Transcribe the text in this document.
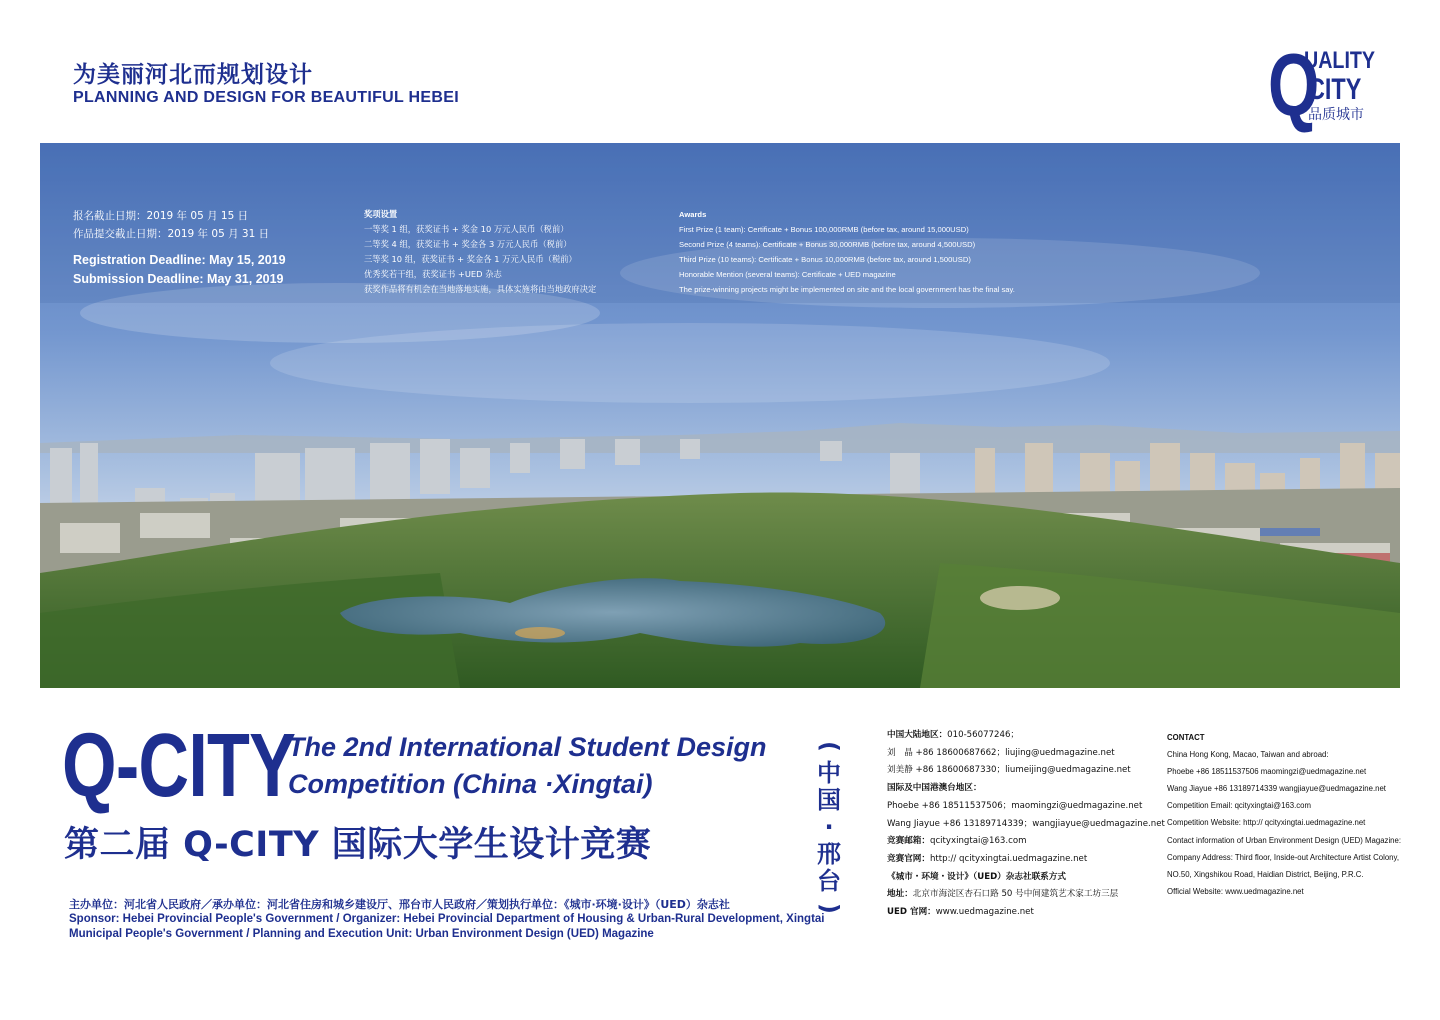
为美丽河北而规划设计
PLANNING AND DESIGN FOR BEAUTIFUL HEBEI	Q
UALITY
CITY
品质城市
报名截止日期：2019 年 05 月 15 日
作品提交截止日期：2019 年 05 月 31 日
Registration Deadline: May 15, 2019
Submission Deadline: May 31, 2019
奖项设置
一等奖 1 组，获奖证书 + 奖金 10 万元人民币（税前）
二等奖 4 组，获奖证书 + 奖金各 3 万元人民币（税前）
三等奖 10 组，获奖证书 + 奖金各 1 万元人民币（税前）
优秀奖若干组，获奖证书 +UED 杂志
获奖作品将有机会在当地落地实施，具体实施将由当地政府决定
Awards
First Prize (1 team): Certificate + Bonus 100,000RMB (before tax, around 15,000USD)
Second Prize (4 teams): Certificate + Bonus 30,000RMB (before tax, around 4,500USD)
Third Prize (10 teams): Certificate + Bonus 10,000RMB (before tax, around 1,500USD)
Honorable Mention (several teams): Certificate + UED magazine
The prize-winning projects might be implemented on site and the local government has the final say.
Q-CITY
The 2nd International Student Design
Competition (China ·Xingtai)
第二届 Q-CITY 国际大学生设计竞赛
(
中
国
·
邢
台
)
主办单位：河北省人民政府／承办单位：河北省住房和城乡建设厅、邢台市人民政府／策划执行单位：《城市·环境·设计》（UED）杂志社
Sponsor: Hebei Provincial People's Government / Organizer: Hebei Provincial Department of Housing & Urban-Rural Development, Xingtai Municipal People's Government / Planning and Execution Unit: Urban Environment Design (UED) Magazine
中国大陆地区：010-56077246；
刘　晶 +86 18600687662；liujing@uedmagazine.net
刘美静 +86 18600687330；liumeijing@uedmagazine.net
国际及中国港澳台地区：
Phoebe +86 18511537506；maomingzi@uedmagazine.net
Wang Jiayue +86 13189714339；wangjiayue@uedmagazine.net
竞赛邮箱：qcityxingtai@163.com
竞赛官网：http:// qcityxingtai.uedmagazine.net
《城市・环境・设计》（UED）杂志社联系方式
地址：北京市海淀区杏石口路 50 号中间建筑艺术家工坊三层
UED 官网：www.uedmagazine.net
CONTACT
China Hong Kong, Macao, Taiwan and abroad:
Phoebe +86 18511537506 maomingzi@uedmagazine.net
Wang Jiayue +86 13189714339 wangjiayue@uedmagazine.net
Competition Email: qcityxingtai@163.com
Competition Website: http:// qcityxingtai.uedmagazine.net
Contact information of Urban Environment Design (UED) Magazine:
Company Address: Third floor, Inside-out Architecture Artist Colony,
NO.50, Xingshikou Road, Haidian District, Beijing, P.R.C.
Official Website: www.uedmagazine.net
